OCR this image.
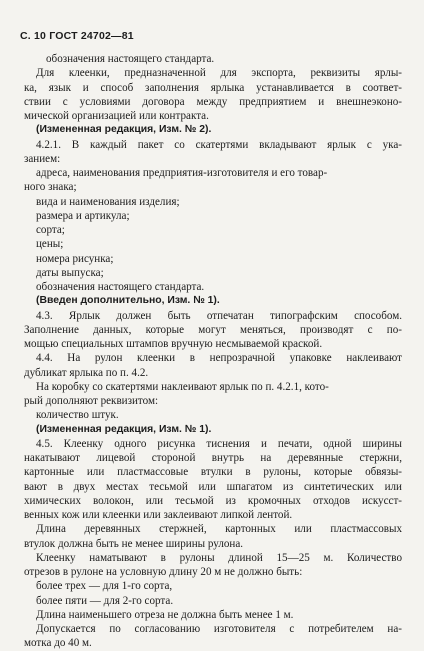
С. 10 ГОСТ 24702—81
обозначения настоящего стандарта.
Для клеенки, предназначенной для экспорта, реквизиты ярлы-
ка, язык и способ заполнения ярлыка устанавливается в соответ-
ствии с условиями договора между предприятием и внешнеэконо-
мической организацией или контракта.
(Измененная редакция, Изм. № 2).
4.2.1. В каждый пакет со скатертями вкладывают ярлык с ука-
занием:
адреса, наименования предприятия-изготовителя и его товар-
ного знака;
вида и наименования изделия;
размера и артикула;
сорта;
цены;
номера рисунка;
даты выпуска;
обозначения настоящего стандарта.
(Введен дополнительно, Изм. № 1).
4.3. Ярлык должен быть отпечатан типографским способом.
Заполнение данных, которые могут меняться, производят с по-
мощью специальных штампов вручную несмываемой краской.
4.4. На рулон клеенки в непрозрачной упаковке наклеивают
дубликат ярлыка по п. 4.2.
На коробку со скатертями наклеивают ярлык по п. 4.2.1, кото-
рый дополняют реквизитом:
количество штук.
(Измененная редакция, Изм. № 1).
4.5. Клеенку одного рисунка тиснения и печати, одной ширины
накатывают лицевой стороной внутрь на деревянные стержни,
картонные или пластмассовые втулки в рулоны, которые обвязы-
вают в двух местах тесьмой или шпагатом из синтетических или
химических волокон, или тесьмой из кромочных отходов искусст-
венных кож или клеенки или заклеивают липкой лентой.
Длина деревянных стержней, картонных или пластмассовых
втулок должна быть не менее ширины рулона.
Клеенку наматывают в рулоны длиной 15—25 м. Количество
отрезов в рулоне на условную длину 20 м не должно быть:
более трех — для 1-го сорта,
более пяти — для 2-го сорта.
Длина наименьшего отреза не должна быть менее 1 м.
Допускается по согласованию изготовителя с потребителем на-
мотка до 40 м.
